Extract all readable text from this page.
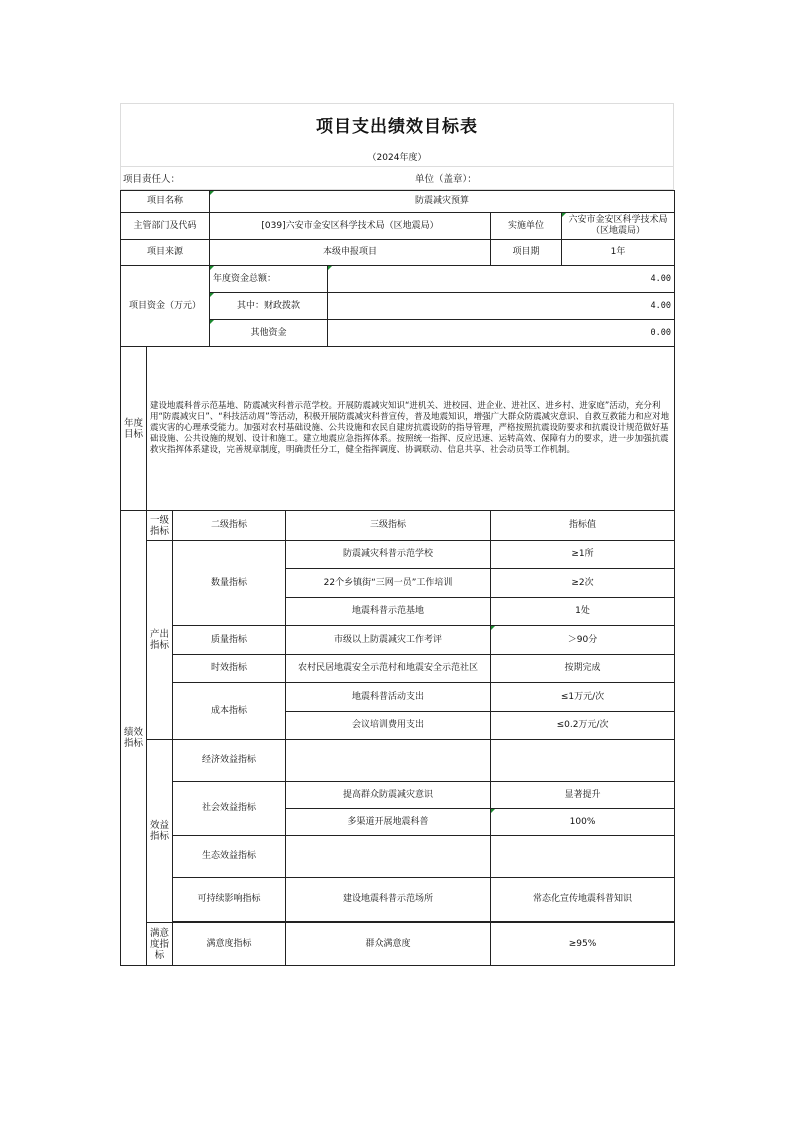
项目支出绩效目标表
（2024年度）
项目责任人：	单位（盖章）：
项目名称			防震减灾预算				
主管部门及代码			[039]六安市金安区科学技术局（区地震局）			实施单位	六安市金安区科学技术局（区地震局）
项目来源			本级申报项目			项目期	1年
项目资金（万元）			年度资金总额：		4.00		
			其中：财政拨款		4.00		
			其他资金		0.00		
年度目标	建设地震科普示范基地、防震减灾科普示范学校。开展防震减灾知识“进机关、进校园、进企业、进社区、进乡村、进家庭”活动，充分利用“防震减灾日”、“科技活动周”等活动，积极开展防震减灾科普宣传，普及地震知识，增强广大群众防震减灾意识、自救互救能力和应对地震灾害的心理承受能力。加强对农村基础设施、公共设施和农民自建房抗震设防的指导管理，严格按照抗震设防要求和抗震设计规范做好基础设施、公共设施的规划、设计和施工。建立地震应急指挥体系。按照统一指挥、反应迅速、运转高效、保障有力的要求，进一步加强抗震救灾指挥体系建设，完善规章制度，明确责任分工，健全指挥调度、协调联动、信息共享、社会动员等工作机制。						
绩效指标	一级指标	二级指标		三级指标		指标值	
	产出指标	数量指标		防震减灾科普示范学校		≥1所	
				22个乡镇街“三网一员”工作培训		≥2次	
				地震科普示范基地		1处	
		质量指标		市级以上防震减灾工作考评		＞90分	
		时效指标		农村民居地震安全示范村和地震安全示范社区		按期完成	
		成本指标		地震科普活动支出		≤1万元/次	
				会议培训费用支出		≤0.2万元/次	
	效益指标	经济效益指标					
		社会效益指标		提高群众防震减灾意识		显著提升	
				多渠道开展地震科普		100%	
		生态效益指标					
		可持续影响指标		建设地震科普示范场所		常态化宣传地震科普知识	

	满意度指标	满意度指标		群众满意度		≥95%	
